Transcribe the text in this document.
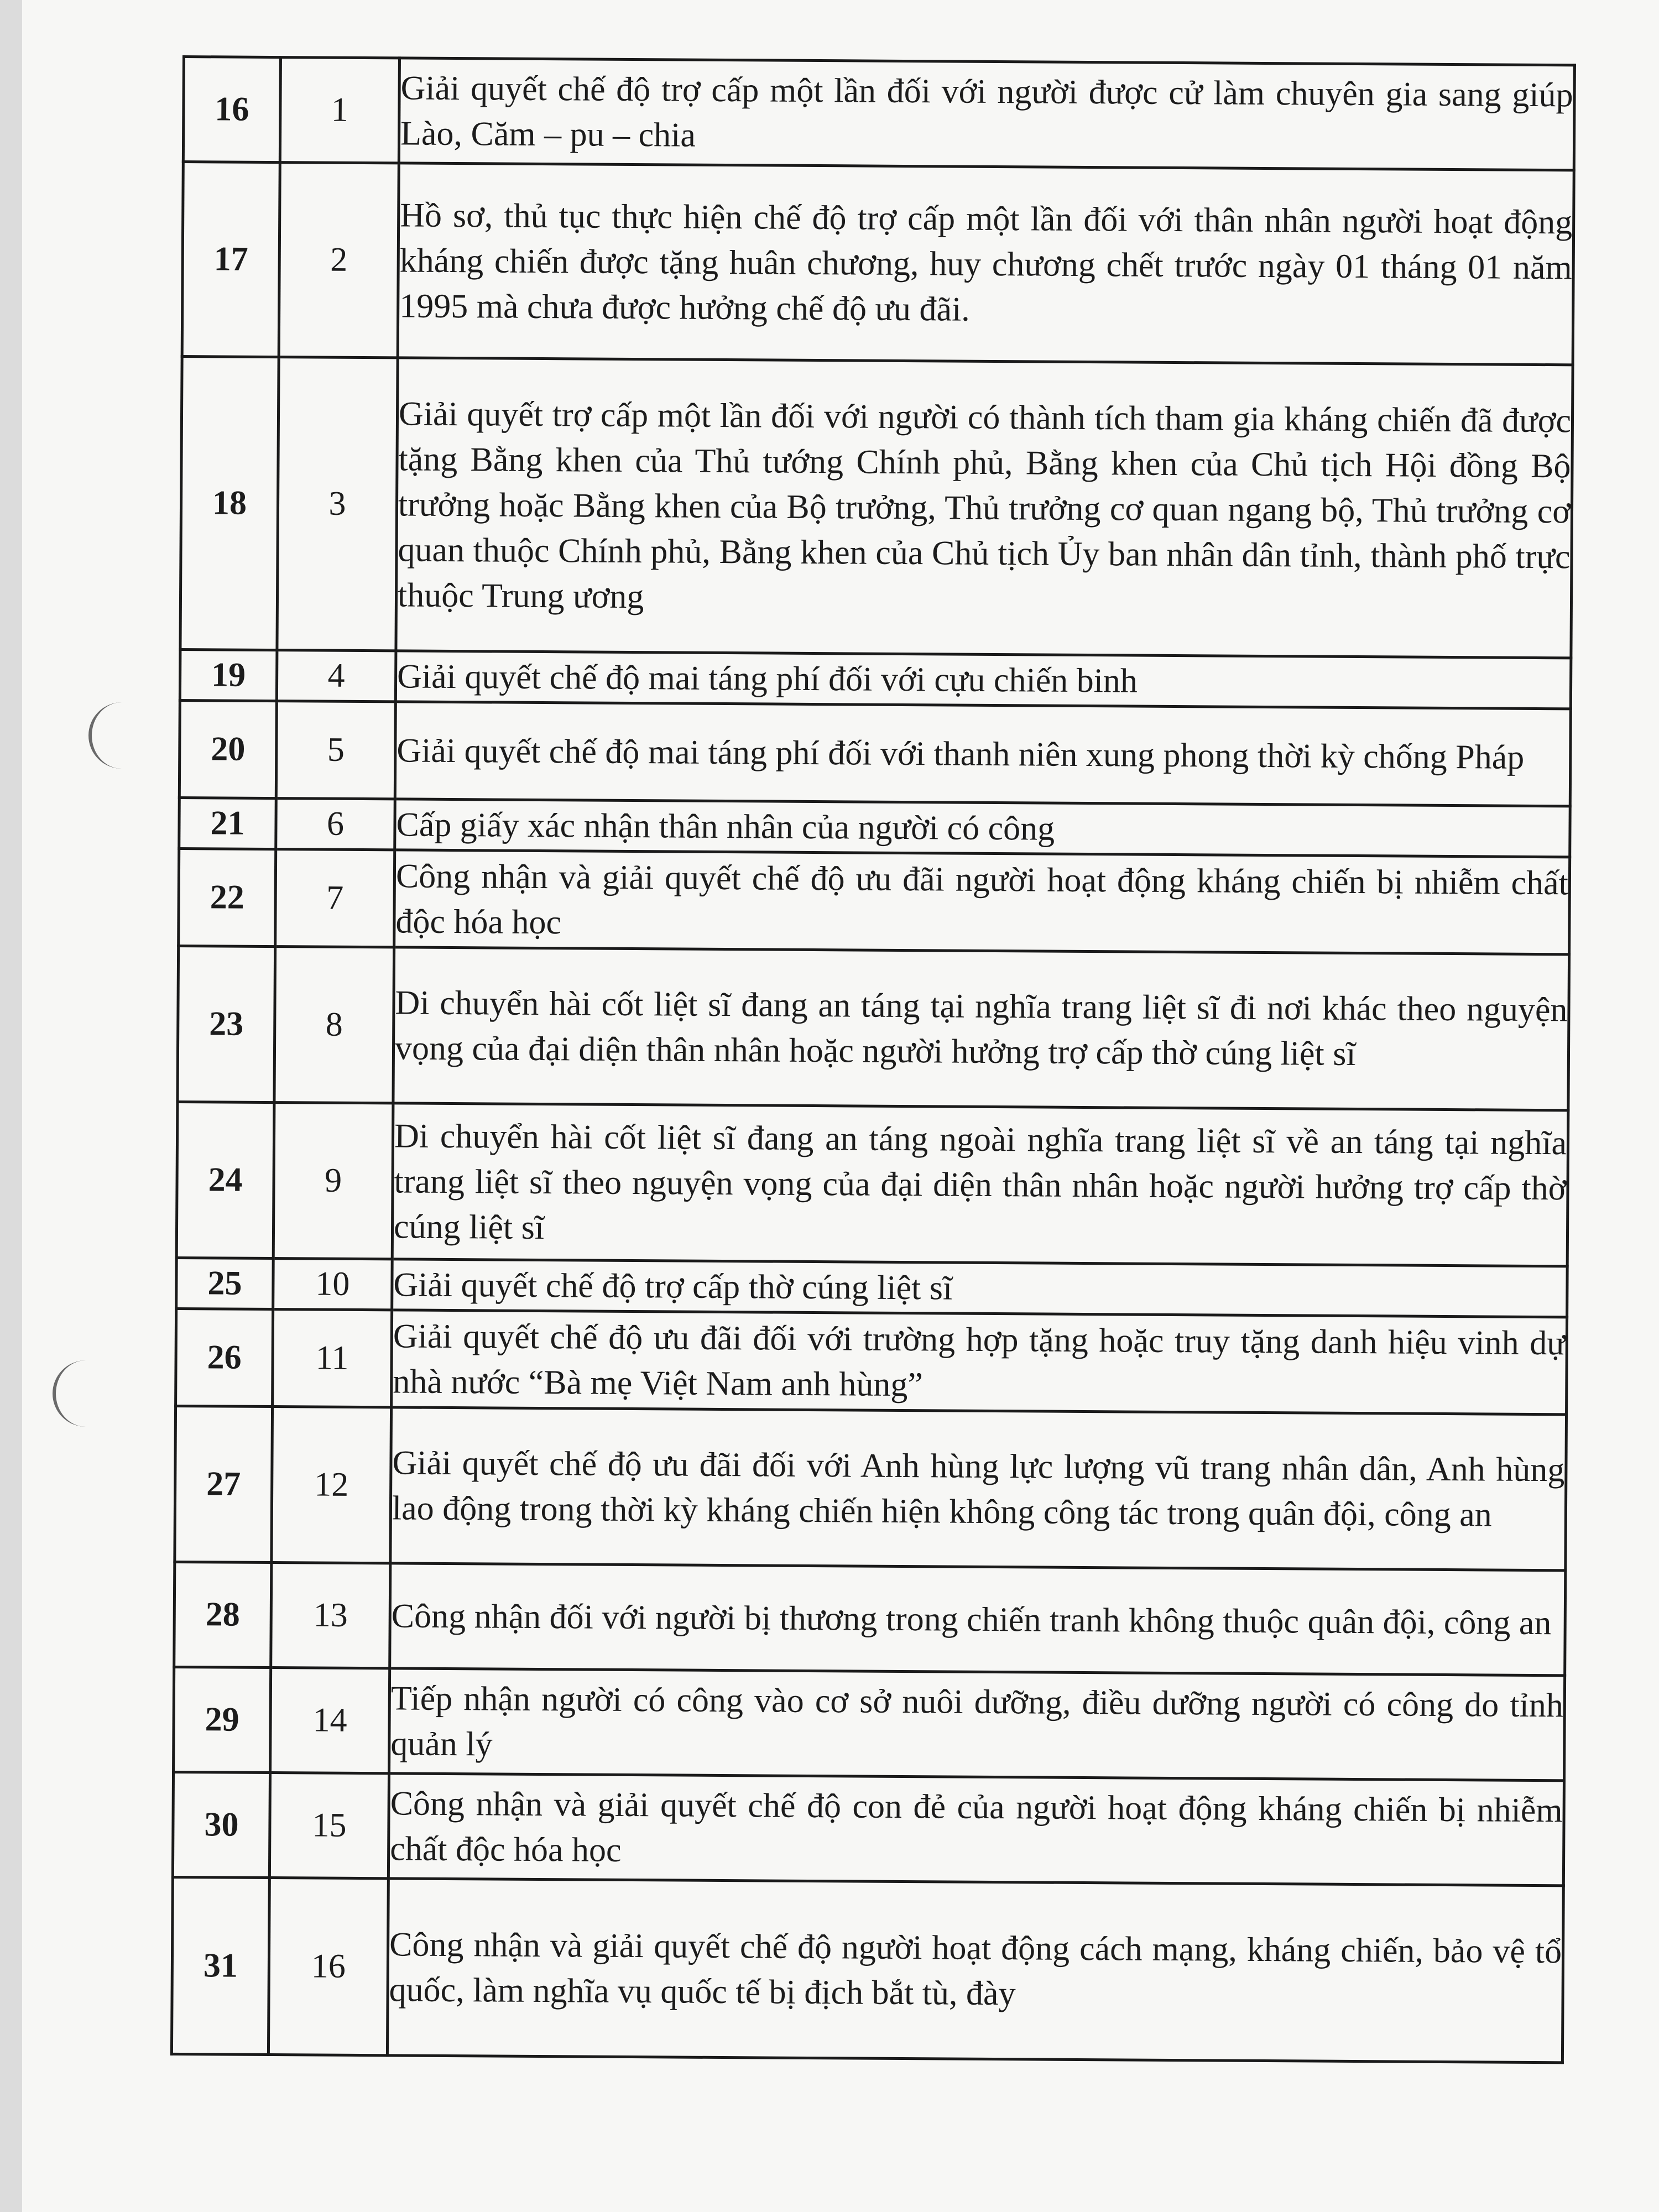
16	1	Giải quyết chế độ trợ cấp một lần đối với người được cử làm chuyên gia sang giúp Lào, Căm – pu – chia
17	2	Hồ sơ, thủ tục thực hiện chế độ trợ cấp một lần đối với thân nhân người hoạt động kháng chiến được tặng huân chương, huy chương chết trước ngày 01 tháng 01 năm 1995 mà chưa được hưởng chế độ ưu đãi.
18	3	Giải quyết trợ cấp một lần đối với người có thành tích tham gia kháng chiến đã được tặng Bằng khen của Thủ tướng Chính phủ, Bằng khen của Chủ tịch Hội đồng Bộ trưởng hoặc Bằng khen của Bộ trưởng, Thủ trưởng cơ quan ngang bộ, Thủ trưởng cơ quan thuộc Chính phủ, Bằng khen của Chủ tịch Ủy ban nhân dân tỉnh, thành phố trực thuộc Trung ương
19	4	Giải quyết chế độ mai táng phí đối với cựu chiến binh
20	5	Giải quyết chế độ mai táng phí đối với thanh niên xung phong thời kỳ chống Pháp
21	6	Cấp giấy xác nhận thân nhân của người có công
22	7	Công nhận và giải quyết chế độ ưu đãi người hoạt động kháng chiến bị nhiễm chất độc hóa học
23	8	Di chuyển hài cốt liệt sĩ đang an táng tại nghĩa trang liệt sĩ đi nơi khác theo nguyện vọng của đại diện thân nhân hoặc người hưởng trợ cấp thờ cúng liệt sĩ
24	9	Di chuyển hài cốt liệt sĩ đang an táng ngoài nghĩa trang liệt sĩ về an táng tại nghĩa trang liệt sĩ theo nguyện vọng của đại diện thân nhân hoặc người hưởng trợ cấp thờ cúng liệt sĩ
25	10	Giải quyết chế độ trợ cấp thờ cúng liệt sĩ
26	11	Giải quyết chế độ ưu đãi đối với trường hợp tặng hoặc truy tặng danh hiệu vinh dự nhà nước “Bà mẹ Việt Nam anh hùng”
27	12	Giải quyết chế độ ưu đãi đối với Anh hùng lực lượng vũ trang nhân dân, Anh hùng lao động trong thời kỳ kháng chiến hiện không công tác trong quân đội, công an
28	13	Công nhận đối với người bị thương trong chiến tranh không thuộc quân đội, công an
29	14	Tiếp nhận người có công vào cơ sở nuôi dưỡng, điều dưỡng người có công do tỉnh quản lý
30	15	Công nhận và giải quyết chế độ con đẻ của người hoạt động kháng chiến bị nhiễm chất độc hóa học
31	16	Công nhận và giải quyết chế độ người hoạt động cách mạng, kháng chiến, bảo vệ tổ quốc, làm nghĩa vụ quốc tế bị địch bắt tù, đày
